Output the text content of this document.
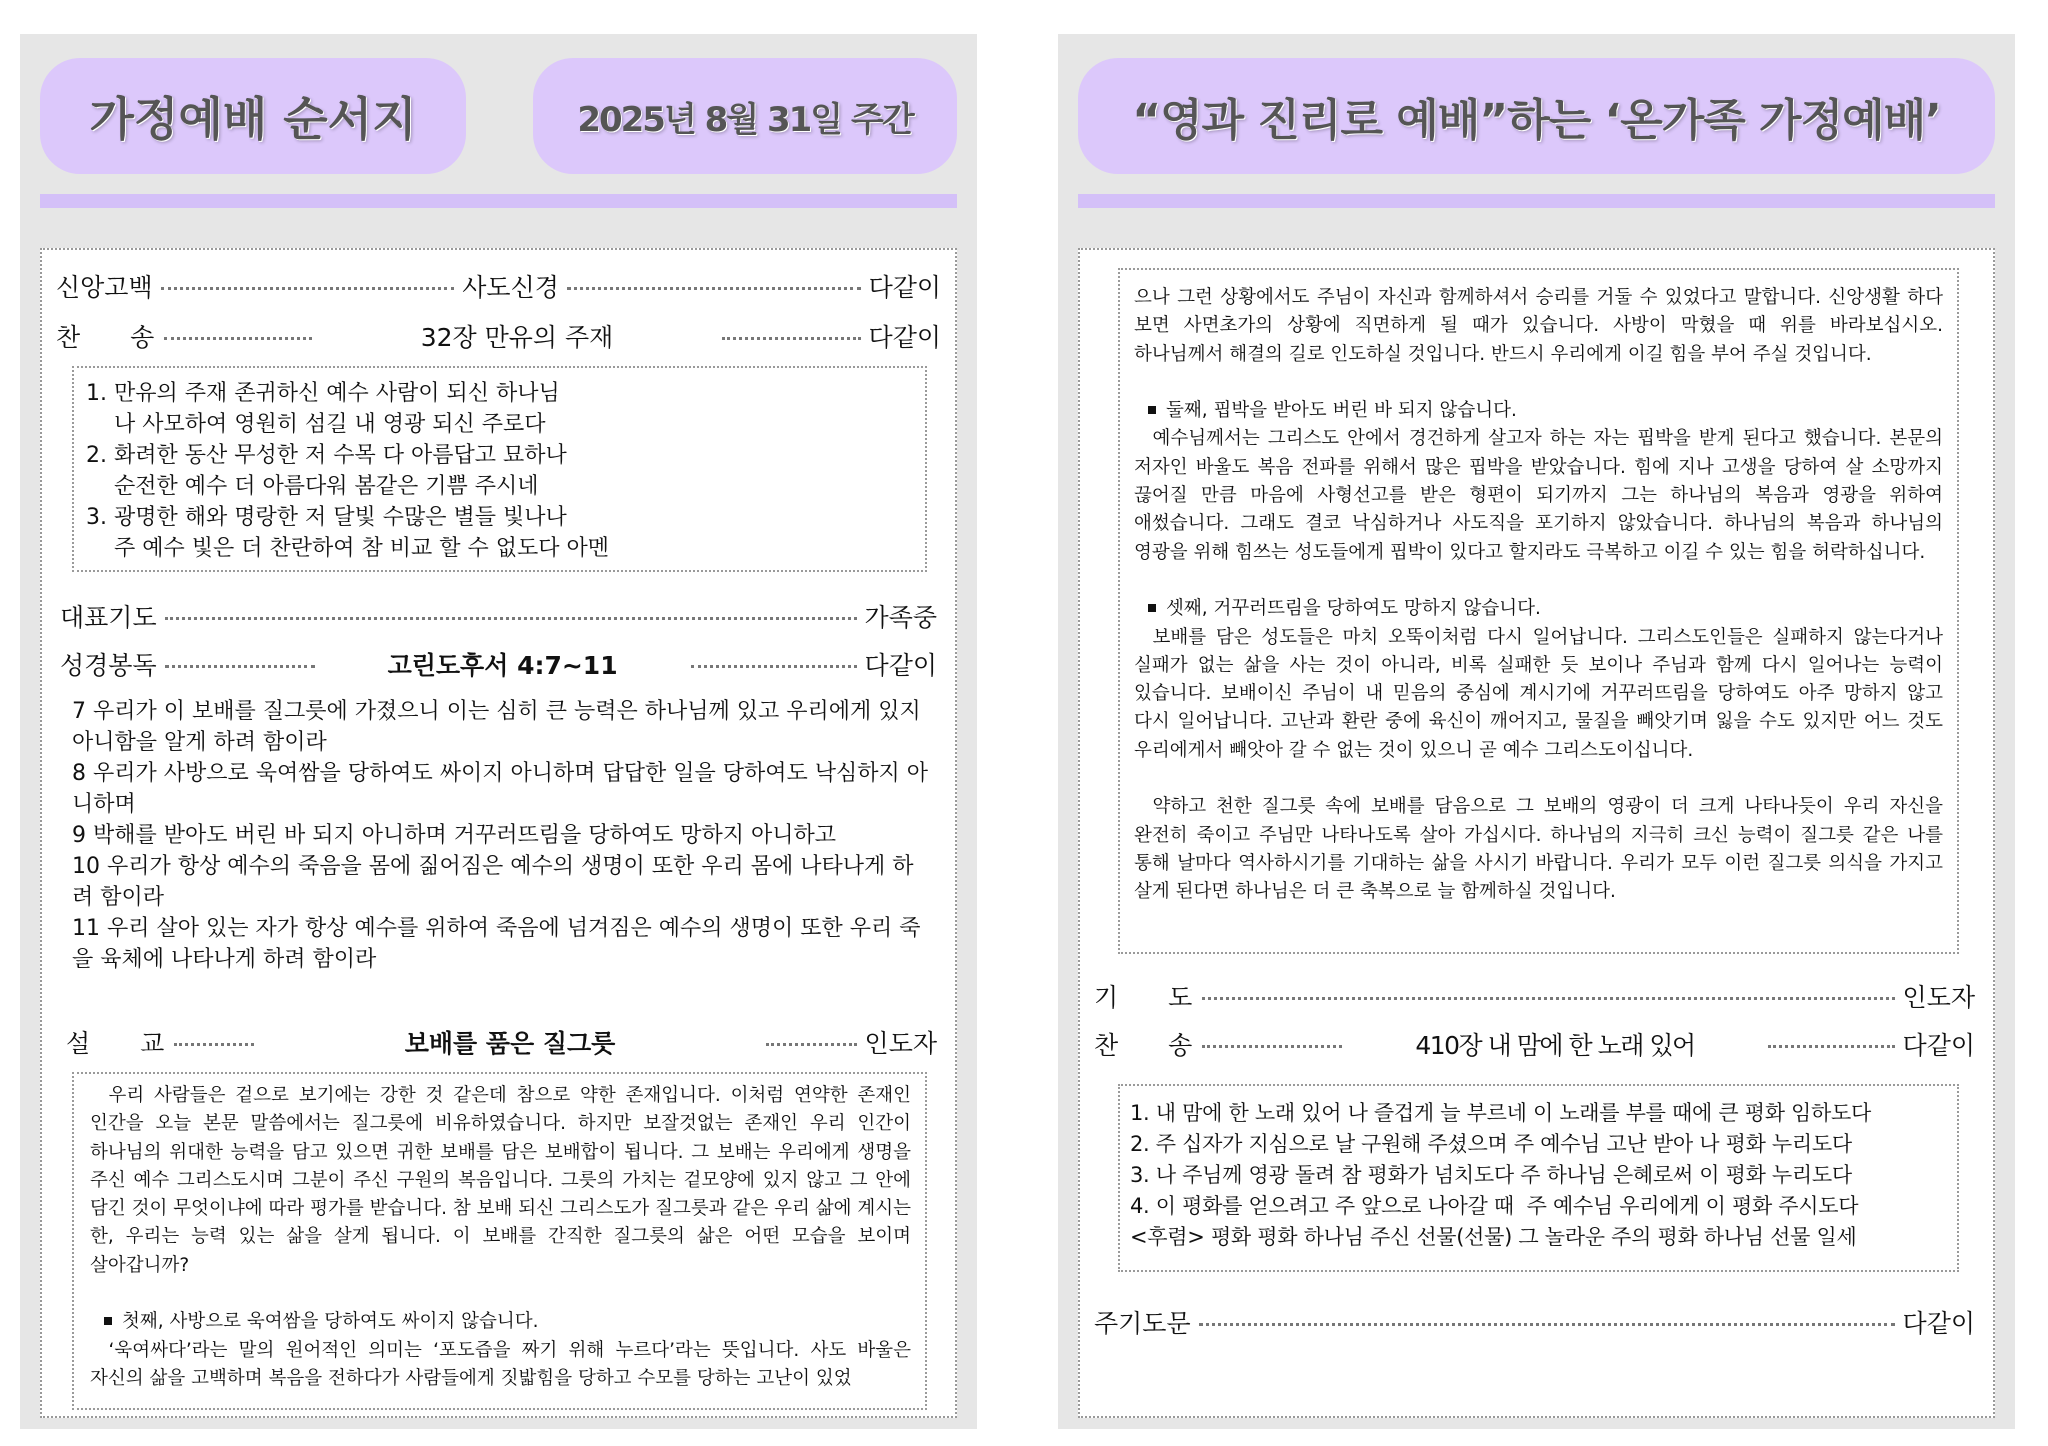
가정예배 순서지	2025년 8월 31일 주간
신앙고백	사도신경	다같이
찬　　송	32장 만유의 주재	다같이
1. 만유의 주재 존귀하신 예수 사람이 되신 하나님
나 사모하여 영원히 섬길 내 영광 되신 주로다
2. 화려한 동산 무성한 저 수목 다 아름답고 묘하나
순전한 예수 더 아름다워 봄같은 기쁨 주시네
3. 광명한 해와 명랑한 저 달빛 수많은 별들 빛나나
주 예수 빛은 더 찬란하여 참 비교 할 수 없도다 아멘
대표기도	가족중
성경봉독	고린도후서 4:7~11	다같이

7 우리가 이 보배를 질그릇에 가졌으니 이는 심히 큰 능력은 하나님께 있고 우리에게 있지 아니함을 알게 하려 함이라

8 우리가 사방으로 욱여쌈을 당하여도 싸이지 아니하며 답답한 일을 당하여도 낙심하지 아니하며

9 박해를 받아도 버린 바 되지 아니하며 거꾸러뜨림을 당하여도 망하지 아니하고

10 우리가 항상 예수의 죽음을 몸에 짊어짐은 예수의 생명이 또한 우리 몸에 나타나게 하려 함이라

11 우리 살아 있는 자가 항상 예수를 위하여 죽음에 넘겨짐은 예수의 생명이 또한 우리 죽을 육체에 나타나게 하려 함이라

설　　교	보배를 품은 질그릇	인도자

우리 사람들은 겉으로 보기에는 강한 것 같은데 참으로 약한 존재입니다. 이처럼 연약한 존재인 인간을 오늘 본문 말씀에서는 질그릇에 비유하였습니다. 하지만 보잘것없는 존재인 우리 인간이 하나님의 위대한 능력을 담고 있으면 귀한 보배를 담은 보배합이 됩니다. 그 보배는 우리에게 생명을 주신 예수 그리스도시며 그분이 주신 구원의 복음입니다. 그릇의 가치는 겉모양에 있지 않고 그 안에 담긴 것이 무엇이냐에 따라 평가를 받습니다. 참 보배 되신 그리스도가 질그릇과 같은 우리 삶에 계시는 한, 우리는 능력 있는 삶을 살게 됩니다. 이 보배를 간직한 질그릇의 삶은 어떤 모습을 보이며 살아갑니까?

첫째, 사방으로 욱여쌈을 당하여도 싸이지 않습니다.

‘욱여싸다’라는 말의 원어적인 의미는 ‘포도즙을 짜기 위해 누르다’라는 뜻입니다. 사도 바울은 자신의 삶을 고백하며 복음을 전하다가 사람들에게 짓밟힘을 당하고 수모를 당하는 고난이 있었

“영과 진리로 예배”하는 ‘온가족 가정예배’

으나 그런 상황에서도 주님이 자신과 함께하셔서 승리를 거둘 수 있었다고 말합니다. 신앙생활 하다 보면 사면초가의 상황에 직면하게 될 때가 있습니다. 사방이 막혔을 때 위를 바라보십시오. 하나님께서 해결의 길로 인도하실 것입니다. 반드시 우리에게 이길 힘을 부어 주실 것입니다.

둘째, 핍박을 받아도 버린 바 되지 않습니다.

예수님께서는 그리스도 안에서 경건하게 살고자 하는 자는 핍박을 받게 된다고 했습니다. 본문의 저자인 바울도 복음 전파를 위해서 많은 핍박을 받았습니다. 힘에 지나 고생을 당하여 살 소망까지 끊어질 만큼 마음에 사형선고를 받은 형편이 되기까지 그는 하나님의 복음과 영광을 위하여 애썼습니다. 그래도 결코 낙심하거나 사도직을 포기하지 않았습니다. 하나님의 복음과 하나님의 영광을 위해 힘쓰는 성도들에게 핍박이 있다고 할지라도 극복하고 이길 수 있는 힘을 허락하십니다.

셋째, 거꾸러뜨림을 당하여도 망하지 않습니다.

보배를 담은 성도들은 마치 오뚝이처럼 다시 일어납니다. 그리스도인들은 실패하지 않는다거나 실패가 없는 삶을 사는 것이 아니라, 비록 실패한 듯 보이나 주님과 함께 다시 일어나는 능력이 있습니다. 보배이신 주님이 내 믿음의 중심에 계시기에 거꾸러뜨림을 당하여도 아주 망하지 않고 다시 일어납니다. 고난과 환란 중에 육신이 깨어지고, 물질을 빼앗기며 잃을 수도 있지만 어느 것도 우리에게서 빼앗아 갈 수 없는 것이 있으니 곧 예수 그리스도이십니다.

약하고 천한 질그릇 속에 보배를 담음으로 그 보배의 영광이 더 크게 나타나듯이 우리 자신을 완전히 죽이고 주님만 나타나도록 살아 가십시다. 하나님의 지극히 크신 능력이 질그릇 같은 나를 통해 날마다 역사하시기를 기대하는 삶을 사시기 바랍니다. 우리가 모두 이런 질그릇 의식을 가지고 살게 된다면 하나님은 더 큰 축복으로 늘 함께하실 것입니다.

기　　도	인도자
찬　　송	410장 내 맘에 한 노래 있어	다같이
1. 내 맘에 한 노래 있어 나 즐겁게 늘 부르네 이 노래를 부를 때에 큰 평화 임하도다
2. 주 십자가 지심으로 날 구원해 주셨으며 주 예수님 고난 받아 나 평화 누리도다
3. 나 주님께 영광 돌려 참 평화가 넘치도다 주 하나님 은혜로써 이 평화 누리도다
4. 이 평화를 얻으려고 주 앞으로 나아갈 때  주 예수님 우리에게 이 평화 주시도다
<후렴> 평화 평화 하나님 주신 선물(선물) 그 놀라운 주의 평화 하나님 선물 일세
주기도문	다같이
